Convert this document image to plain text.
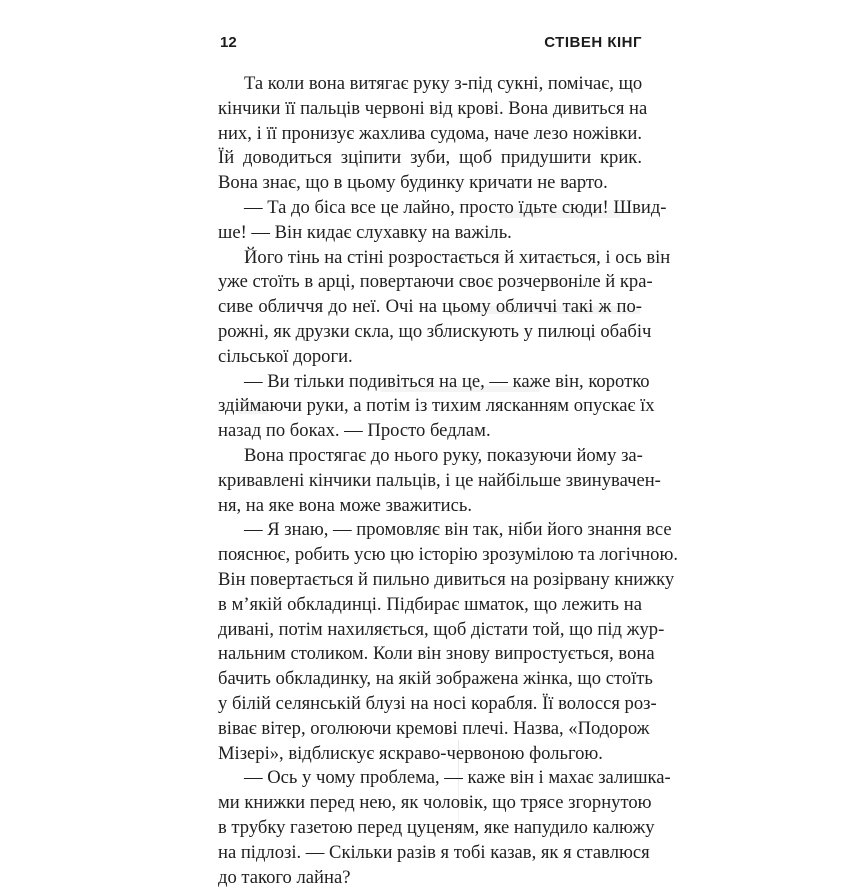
12	СТІВЕН КІНГ

Та коли вона витягає руку з-під сукні, помічає, що
кінчики її пальців червоні від крові. Вона дивиться на
них, і її пронизує жахлива судома, наче лезо ножівки.
Їй доводиться зціпити зуби, щоб придушити крик.
Вона знає, що в цьому будинку кричати не варто.

— Та до біса все це лайно, просто їдьте сюди! Швид-
ше! — Він кидає слухавку на важіль.

Його тінь на стіні розростається й хитається, і ось він
уже стоїть в арці, повертаючи своє розчервоніле й кра-
сиве обличчя до неї. Очі на цьому обличчі такі ж по-
рожні, як друзки скла, що зблискують у пилюці обабіч
сільської дороги.

— Ви тільки подивіться на це, — каже він, коротко
здіймаючи руки, а потім із тихим лясканням опускає їх
назад по боках. — Просто бедлам.

Вона простягає до нього руку, показуючи йому за-
кривавлені кінчики пальців, і це найбільше звинувачен-
ня, на яке вона може зважитись.

— Я знаю, — промовляє він так, ніби його знання все
пояснює, робить усю цю історію зрозумілою та логічною.
Він повертається й пильно дивиться на розірвану книжку
в м’якій обкладинці. Підбирає шматок, що лежить на
дивані, потім нахиляється, щоб дістати той, що під жур-
нальним столиком. Коли він знову випростується, вона
бачить обкладинку, на якій зображена жінка, що стоїть
у білій селянській блузі на носі корабля. Її волосся роз-
віває вітер, оголюючи кремові плечі. Назва, «Подорож
Мізері», відблискує яскраво-червоною фольгою.

— Ось у чому проблема, — каже він і махає залишка-
ми книжки перед нею, як чоловік, що трясе згорнутою
в трубку газетою перед цуценям, яке напудило калюжу
на підлозі. — Скільки разів я тобі казав, як я ставлюся
до такого лайна?
